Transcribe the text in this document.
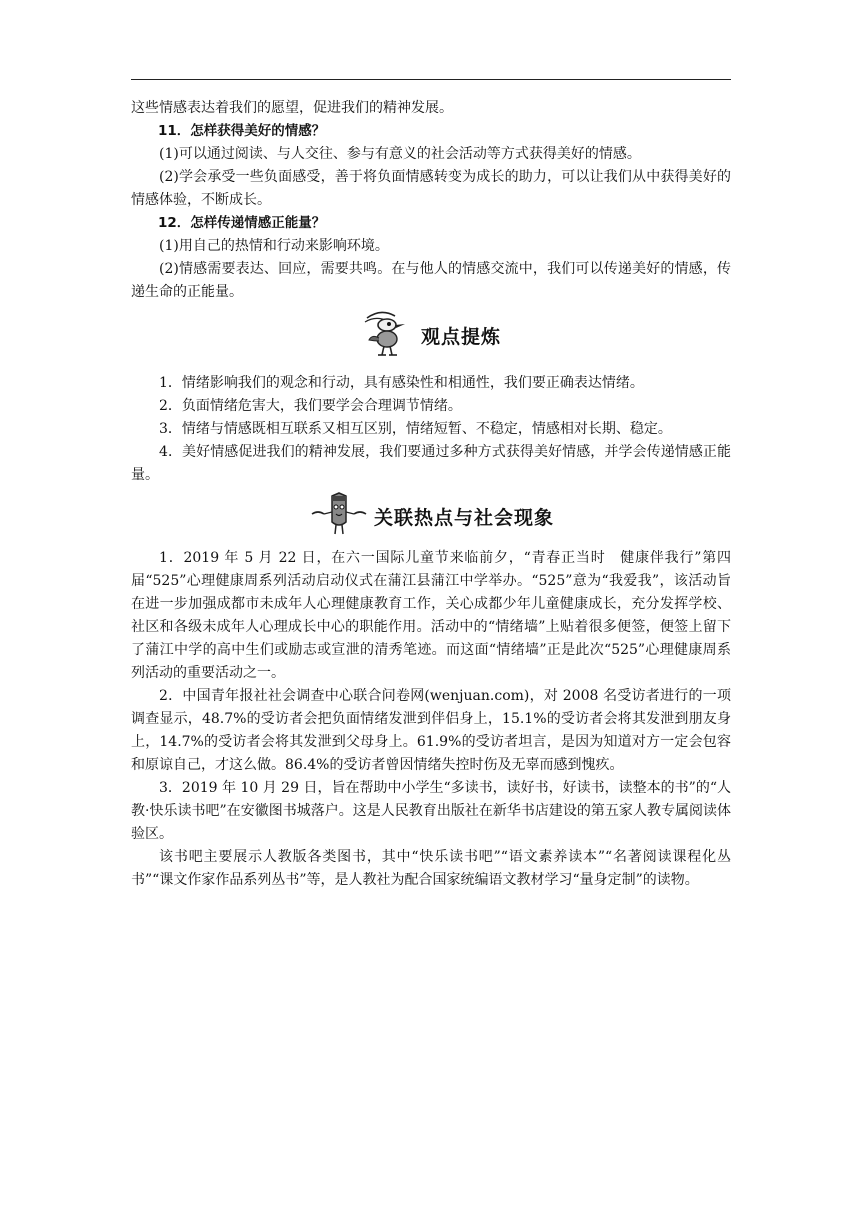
这些情感表达着我们的愿望，促进我们的精神发展。

11．怎样获得美好的情感？

(1)可以通过阅读、与人交往、参与有意义的社会活动等方式获得美好的情感。

(2)学会承受一些负面感受，善于将负面情感转变为成长的助力，可以让我们从中获得美好的情感体验，不断成长。

12．怎样传递情感正能量？

(1)用自己的热情和行动来影响环境。

(2)情感需要表达、回应，需要共鸣。在与他人的情感交流中，我们可以传递美好的情感，传递生命的正能量。

观点提炼

1．情绪影响我们的观念和行动，具有感染性和相通性，我们要正确表达情绪。

2．负面情绪危害大，我们要学会合理调节情绪。

3．情绪与情感既相互联系又相互区别，情绪短暂、不稳定，情感相对长期、稳定。

4．美好情感促进我们的精神发展，我们要通过多种方式获得美好情感，并学会传递情感正能量。

关联热点与社会现象

1．2019 年 5 月 22 日，在六一国际儿童节来临前夕，“青春正当时　健康伴我行”第四届“525”心理健康周系列活动启动仪式在蒲江县蒲江中学举办。“525”意为“我爱我”，该活动旨在进一步加强成都市未成年人心理健康教育工作，关心成都少年儿童健康成长，充分发挥学校、社区和各级未成年人心理成长中心的职能作用。活动中的“情绪墙”上贴着很多便签，便签上留下了蒲江中学的高中生们或励志或宣泄的清秀笔迹。而这面“情绪墙”正是此次“525”心理健康周系列活动的重要活动之一。

2．中国青年报社社会调查中心联合问卷网(wenjuan.com)，对 2008 名受访者进行的一项调查显示，48.7%的受访者会把负面情绪发泄到伴侣身上，15.1%的受访者会将其发泄到朋友身上，14.7%的受访者会将其发泄到父母身上。61.9%的受访者坦言，是因为知道对方一定会包容和原谅自己，才这么做。86.4%的受访者曾因情绪失控时伤及无辜而感到愧疚。

3．2019 年 10 月 29 日，旨在帮助中小学生“多读书，读好书，好读书，读整本的书”的“人教·快乐读书吧”在安徽图书城落户。这是人民教育出版社在新华书店建设的第五家人教专属阅读体验区。

该书吧主要展示人教版各类图书，其中“快乐读书吧”“语文素养读本”“名著阅读课程化丛书”“课文作家作品系列丛书”等，是人教社为配合国家统编语文教材学习“量身定制”的读物。
